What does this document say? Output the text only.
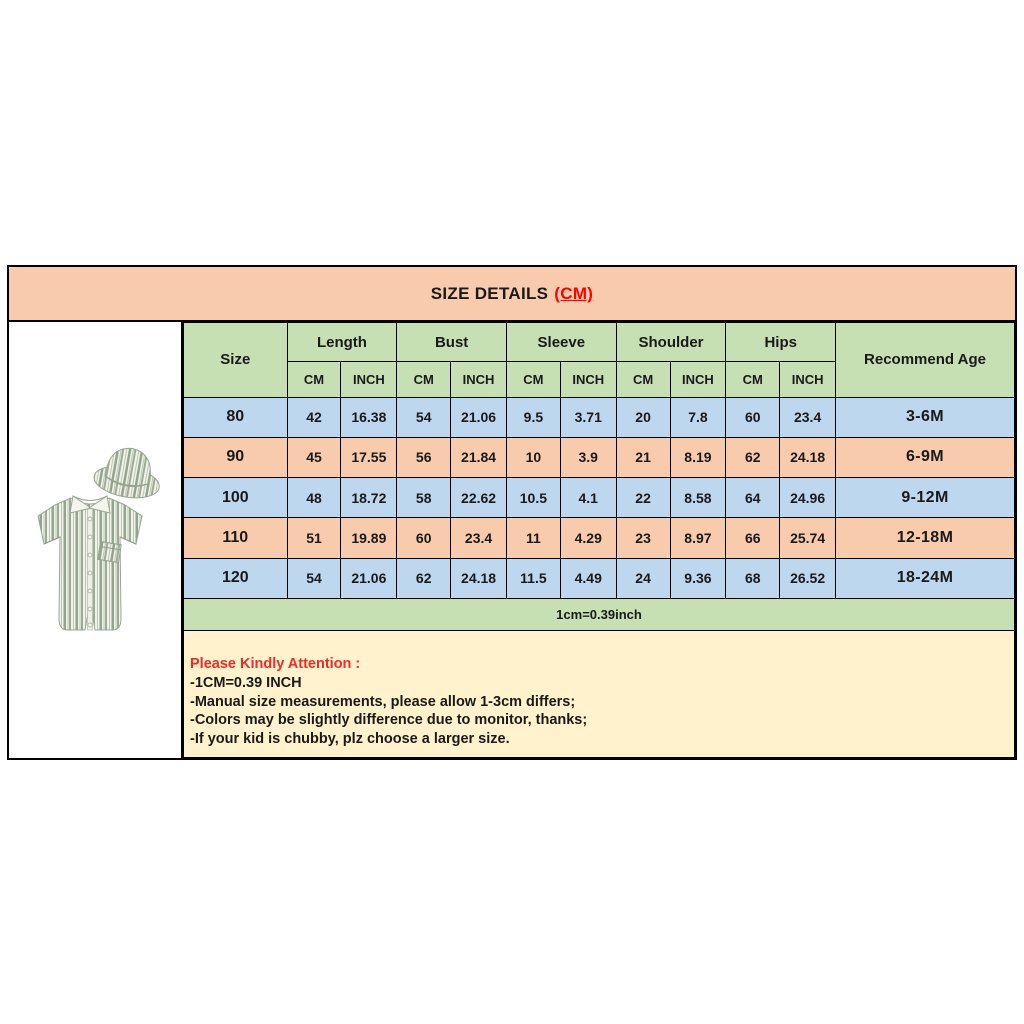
SIZE DETAILS (CM)
Size	Length		Bust		Sleeve		Shoulder		Hips		Recommend Age
	CM	INCH	CM	INCH	CM	INCH	CM	INCH	CM	INCH	
80	42	16.38	54	21.06	9.5	3.71	20	7.8	60	23.4	3-6M
90	45	17.55	56	21.84	10	3.9	21	8.19	62	24.18	6-9M
100	48	18.72	58	22.62	10.5	4.1	22	8.58	64	24.96	9-12M
110	51	19.89	60	23.4	11	4.29	23	8.97	66	25.74	12-18M
120	54	21.06	62	24.18	11.5	4.49	24	9.36	68	26.52	18-24M
1cm=0.39inch											

Please Kindly Attention :
-1CM=0.39 INCH
-Manual size measurements, please allow 1-3cm differs;
-Colors may be slightly difference due to monitor, thanks;
-If your kid is chubby, plz choose a larger size.											
